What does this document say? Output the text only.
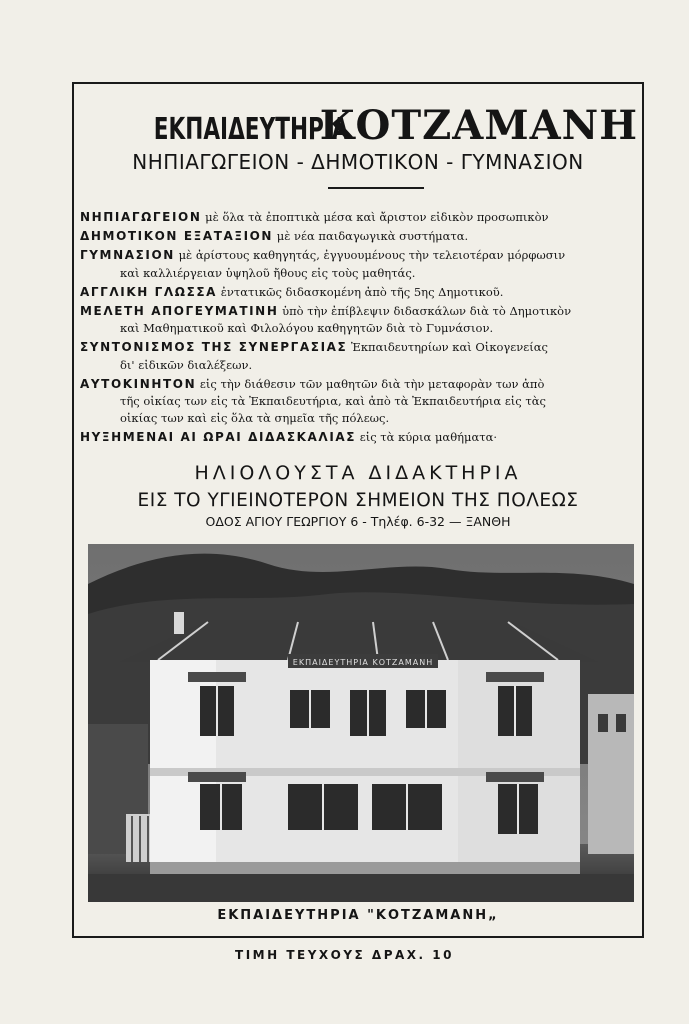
ΕΚΠΑΙΔΕΥΤΗΡΙΑ ΚΟΤΖΑΜΑΝΗ
ΝΗΠΙΑΓΩΓΕΙΟΝ - ΔΗΜΟΤΙΚΟΝ - ΓΥΜΝΑΣΙΟΝ
ΝΗΠΙΑΓΩΓΕΙΟΝ μὲ ὅλα τὰ ἐποπτικὰ μέσα καὶ ἄριστον εἰδικὸν προσωπικὸν
ΔΗΜΟΤΙΚΟΝ ΕΞΑΤΑΞΙΟΝ μὲ νέα παιδαγωγικὰ συστήματα.
ΓΥΜΝΑΣΙΟΝ μὲ ἀρίστους καθηγητάς, ἐγγυουμένους τὴν τελειοτέραν μόρφωσιν
καὶ καλλιέργειαν ὑψηλοῦ ἤθους εἰς τοὺς μαθητάς.
ΑΓΓΛΙΚΗ ΓΛΩΣΣΑ ἐντατικῶς διδασκομένη ἀπὸ τῆς 5ης Δημοτικοῦ.
ΜΕΛΕΤΗ ΑΠΟΓΕΥΜΑΤΙΝΗ ὑπὸ τὴν ἐπίβλεψιν διδασκάλων διὰ τὸ Δημοτικὸν
καὶ Μαθηματικοῦ καὶ Φιλολόγου καθηγητῶν διὰ τὸ Γυμνάσιον.
ΣΥΝΤΟΝΙΣΜΟΣ ΤΗΣ ΣΥΝΕΡΓΑΣΙΑΣ Ἐκπαιδευτηρίων καὶ Οἰκογενείας
δι' εἰδικῶν διαλέξεων.
ΑΥΤΟΚΙΝΗΤΟΝ εἰς τὴν διάθεσιν τῶν μαθητῶν διὰ τὴν μεταφορὰν των ἀπὸ
τῆς οἰκίας των εἰς τὰ Ἐκπαιδευτήρια, καὶ ἀπὸ τὰ Ἐκπαιδευτήρια εἰς τὰς
οἰκίας των καὶ εἰς ὅλα τὰ σημεῖα τῆς πόλεως.
ΗΥΞΗΜΕΝΑΙ ΑΙ ΩΡΑΙ ΔΙΔΑΣΚΑΛΙΑΣ εἰς τὰ κύρια μαθήματα·
ΗΛΙΟΛΟΥΣΤΑ ΔΙΔΑΚΤΗΡΙΑ
ΕΙΣ ΤΟ ΥΓΙΕΙΝΟΤΕΡΟΝ ΣΗΜΕΙΟΝ ΤΗΣ ΠΟΛΕΩΣ
ΟΔΟΣ ΑΓΙΟΥ ΓΕΩΡΓΙΟΥ 6 - Τηλέφ. 6-32 — ΞΑΝΘΗ
ΕΚΠΑΙΔΕΥΤΗΡΙΑ ΚΟΤΖΑΜΑΝΗ
ΕΚΠΑΙΔΕΥΤΗΡΙΑ "ΚΟΤΖΑΜΑΝΗ„
ΤΙΜΗ ΤΕΥΧΟΥΣ ΔΡΑΧ. 10
